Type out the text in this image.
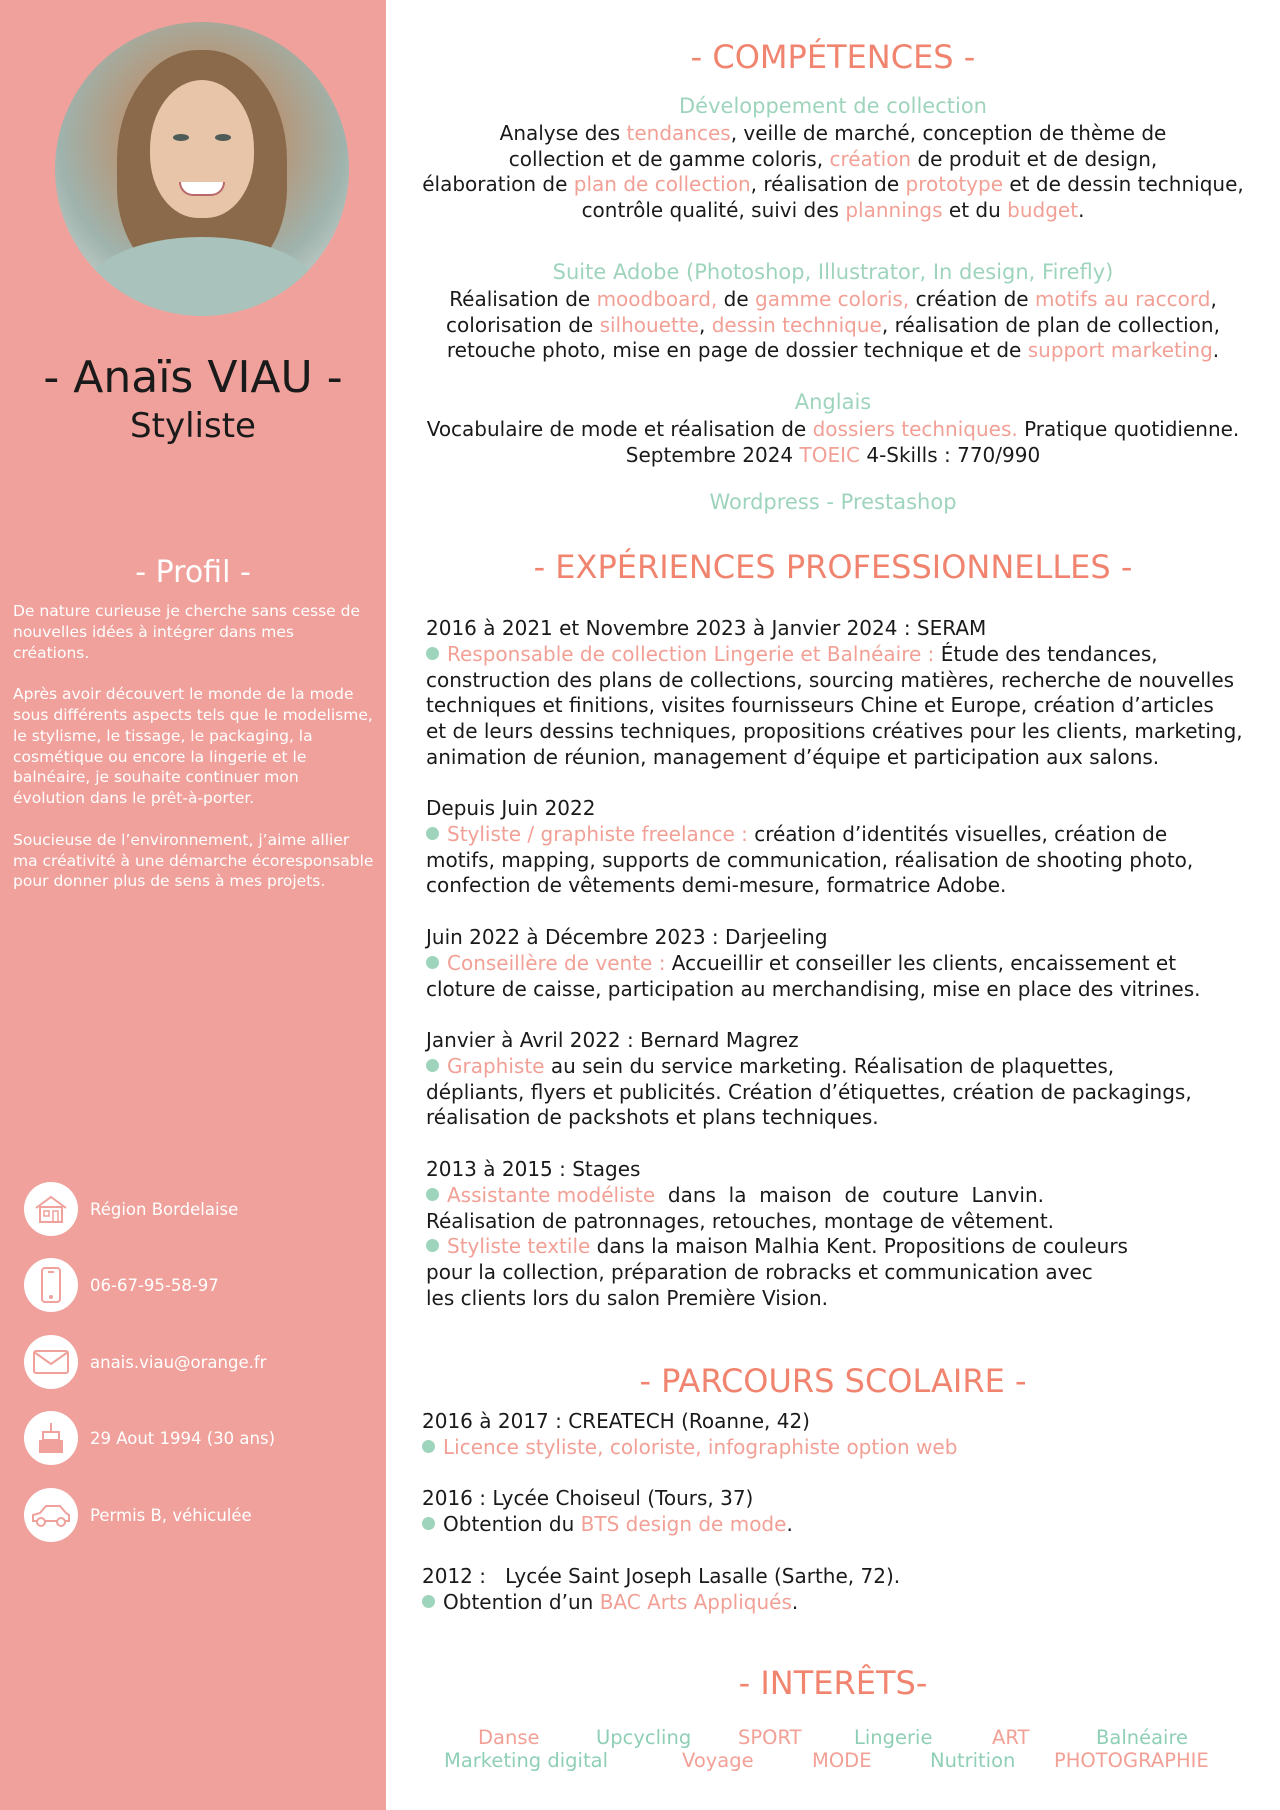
- Anaïs VIAU -
Styliste
- Profil -

De nature curieuse je cherche sans cesse de nouvelles idées à intégrer dans mes créations.

Après avoir découvert le monde de la mode sous différents aspects tels que le modelisme, le stylisme, le tissage, le packaging, la cosmétique ou encore la lingerie et le balnéaire, je souhaite continuer mon évolution dans le prêt-à-porter.

Soucieuse de l’environnement, j’aime allier ma créativité à une démarche écoresponsable pour donner plus de sens à mes projets.

Région Bordelaise
06-67-95-58-97
anais.viau@orange.fr
29 Aout 1994 (30 ans)
Permis B, véhiculée
- COMPÉTENCES -
Développement de collection
Analyse des tendances, veille de marché, conception de thème de
collection et de gamme coloris, création de produit et de design,
élaboration de plan de collection, réalisation de prototype et de dessin technique,
contrôle qualité, suivi des plannings et du budget.
Suite Adobe (Photoshop, Illustrator, In design, Firefly)
Réalisation de moodboard, de gamme coloris, création de motifs au raccord,
colorisation de silhouette, dessin technique, réalisation de plan de collection,
retouche photo, mise en page de dossier technique et de support marketing.
Anglais
Vocabulaire de mode et réalisation de dossiers techniques. Pratique quotidienne.
Septembre 2024 TOEIC 4-Skills : 770/990
Wordpress - Prestashop
- EXPÉRIENCES PROFESSIONNELLES -
2016 à 2021 et Novembre 2023 à Janvier 2024 : SERAM
Responsable de collection Lingerie et Balnéaire : Étude des tendances,
construction des plans de collections, sourcing matières, recherche de nouvelles
techniques et finitions, visites fournisseurs Chine et Europe, création d’articles
et de leurs dessins techniques, propositions créatives pour les clients, marketing,
animation de réunion, management d’équipe et participation aux salons.
Depuis Juin 2022
Styliste / graphiste freelance : création d’identités visuelles, création de
motifs, mapping, supports de communication, réalisation de shooting photo,
confection de vêtements demi-mesure, formatrice Adobe.
Juin 2022 à Décembre 2023 : Darjeeling
Conseillère de vente : Accueillir et conseiller les clients, encaissement et
cloture de caisse, participation au merchandising, mise en place des vitrines.
Janvier à Avril 2022 : Bernard Magrez
Graphiste au sein du service marketing. Réalisation de plaquettes,
dépliants, flyers et publicités. Création d’étiquettes, création de packagings,
réalisation de packshots et plans techniques.
2013 à 2015 : Stages
Assistante modéliste  dans  la  maison  de  couture  Lanvin.
Réalisation de patronnages, retouches, montage de vêtement.
Styliste textile dans la maison Malhia Kent. Propositions de couleurs
pour la collection, préparation de robracks et communication avec
les clients lors du salon Première Vision.
- PARCOURS SCOLAIRE -
2016 à 2017 : CREATECH (Roanne, 42)
Licence styliste, coloriste, infographiste option web
2016 : Lycée Choiseul (Tours, 37)
Obtention du BTS design de mode.
2012 :   Lycée Saint Joseph Lasalle (Sarthe, 72).
Obtention d’un BAC Arts Appliqués.
- INTERÊTS-
Danse	Upcycling SPORT	Lingerie	ART	Balnéaire
Marketing digital	Voyage	MODE	Nutrition PHOTOGRAPHIE
